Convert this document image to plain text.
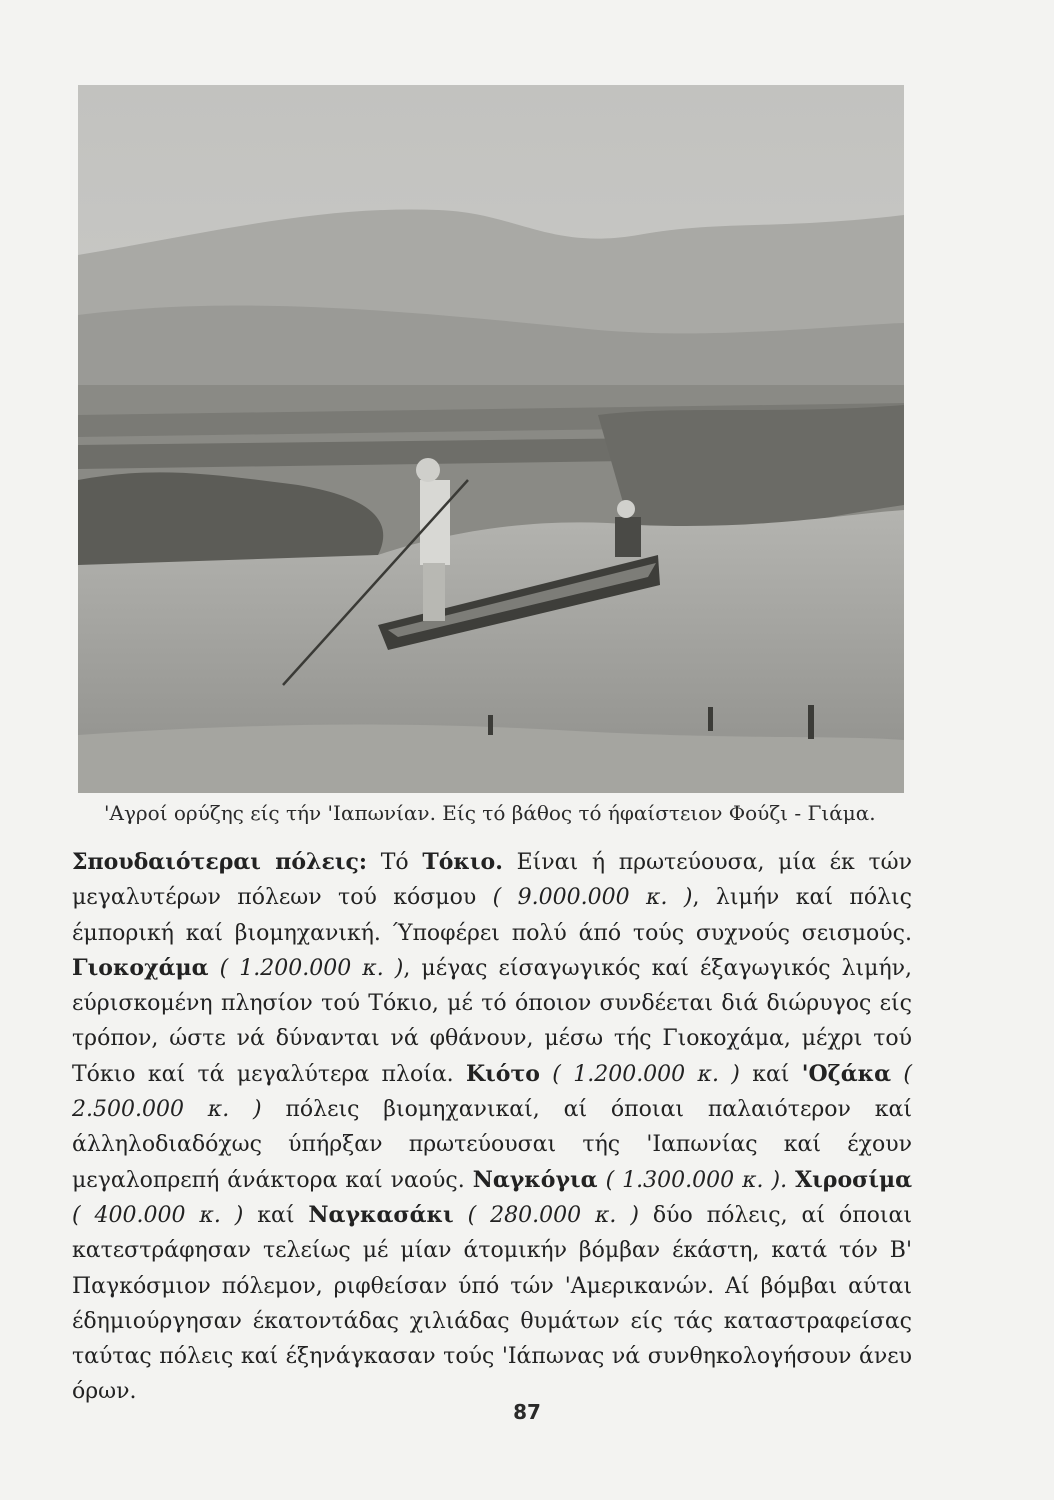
'Αγροί ορύζης είς τήν 'Ιαπωνίαν. Είς τό βάθος τό ήφαίστειον Φούζι - Γιάμα.
Σπουδαιότεραι πόλεις: Τό Τόκιο. Είναι ή πρωτεύουσα, μία έκ τών μεγαλυτέρων πόλεων τού κόσμου ( 9.000.000 κ. ), λιμήν καί πόλις έμπορική καί βιομηχανική. Ύποφέρει πολύ άπό τούς συχνούς σεισμούς. Γιοκοχάμα ( 1.200.000 κ. ), μέγας είσαγωγικός καί έξαγωγικός λιμήν, εύρισκομένη πλησίον τού Τόκιο, μέ τό όποιον συνδέεται διά διώρυγος είς τρόπον, ώστε νά δύνανται νά φθάνουν, μέσω τής Γιοκοχάμα, μέχρι τού Τόκιο καί τά μεγαλύτερα πλοία. Κιότο ( 1.200.000 κ. ) καί 'Οζάκα ( 2.500.000 κ. ) πόλεις βιομηχανικαί, αί όποιαι παλαιότερον καί άλληλοδιαδόχως ύπήρξαν πρωτεύουσαι τής 'Ιαπωνίας καί έχουν μεγαλοπρεπή άνάκτορα καί ναούς. Ναγκόγια ( 1.300.000 κ. ). Χιροσίμα ( 400.000 κ. ) καί Ναγκασάκι ( 280.000 κ. ) δύο πόλεις, αί όποιαι κατεστράφησαν τελείως μέ μίαν άτομικήν βόμβαν έκάστη, κατά τόν Β' Παγκόσμιον πόλεμον, ριφθείσαν ύπό τών 'Αμερικανών. Αί βόμβαι αύται έδημιούργησαν έκατοντάδας χιλιάδας θυμάτων είς τάς καταστραφείσας ταύτας πόλεις καί έξηνάγκασαν τούς 'Ιάπωνας νά συνθηκολογήσουν άνευ όρων.
87
